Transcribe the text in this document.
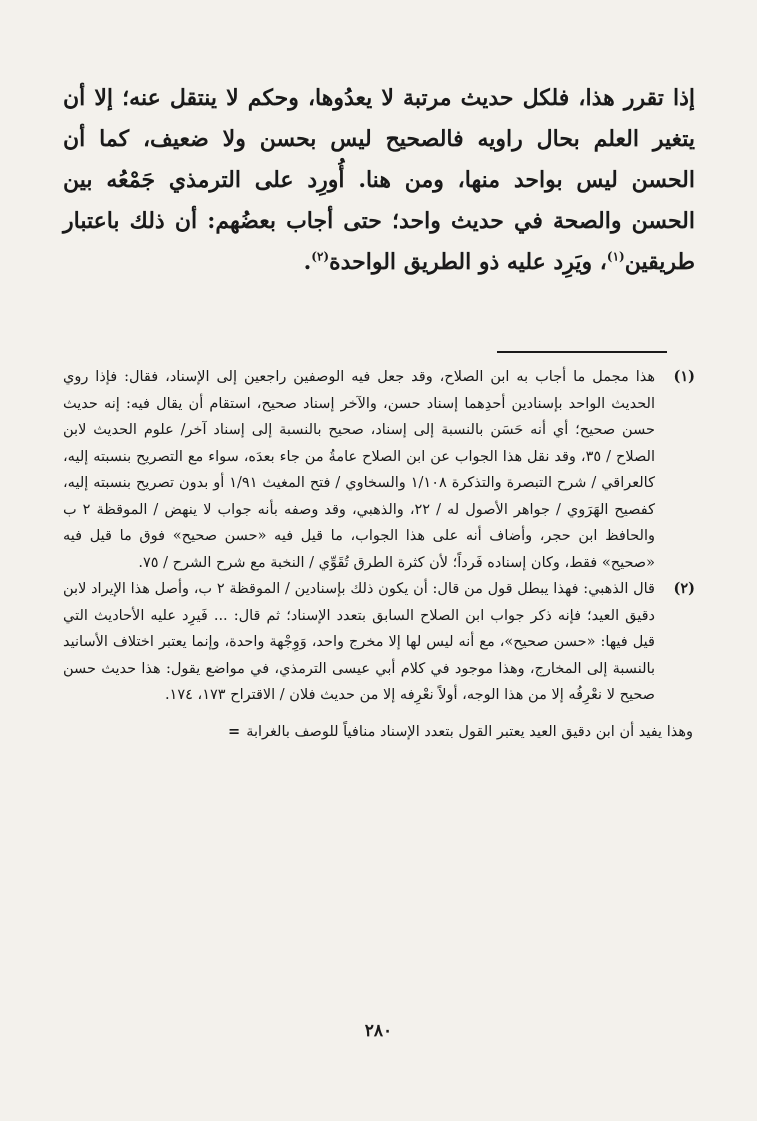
إذا تقرر هذا، فلكل حديث مرتبة لا يعدُوها، وحكم لا ينتقل عنه؛ إلا أن يتغير العلم بحال راويه فالصحيح ليس بحسن ولا ضعيف، كما أن الحسن ليس بواحد منها، ومن هنا. أُورِد على الترمذي جَمْعُه بين الحسن والصحة في حديث واحد؛ حتى أجاب بعضُهم: أن ذلك باعتبار طريقين$^{(١)}$، ويَرِد عليه ذو الطريق الواحدة$^{(٢)}$.

(١)
هذا مجمل ما أجاب به ابن الصلاح، وقد جعل فيه الوصفين راجعين إلى الإسناد، فقال: فإذا روي الحديث الواحد بإسنادين أحدِهما إسناد حسن، والآخر إسناد صحيح، استقام أن يقال فيه: إنه حديث حسن صحيح؛ أي أنه حَسَن بالنسبة إلى إسناد، صحيح بالنسبة إلى إسناد آخر/ علوم الحديث لابن الصلاح / ٣٥، وقد نقل هذا الجواب عن ابن الصلاح عامةُ من جاء بعدَه، سواء مع التصريح بنسبته إليه، كالعراقي / شرح التبصرة والتذكرة ١/١٠٨ والسخاوي / فتح المغيث ١/٩١ أو بدون تصريح بنسبته إليه، كفصيح الهَرَوي / جواهر الأصول له / ٢٢، والذهبي، وقد وصفه بأنه جواب لا ينهض / الموقظة ٢ ب والحافظ ابن حجر، وأضاف أنه على هذا الجواب، ما قيل فيه «حسن صحيح» فوق ما قيل فيه «صحيح» فقط، وكان إسناده فَرداً؛ لأن كثرة الطرق تُقَوِّي / النخبة مع شرح الشرح / ٧٥.
(٢)
قال الذهبي: فهذا يبطل قول من قال: أن يكون ذلك بإسنادين / الموقظة ٢ ب، وأصل هذا الإيراد لابن دقيق العيد؛ فإنه ذكر جواب ابن الصلاح السابق بتعدد الإسناد؛ ثم قال: ... فَيرِد عليه الأحاديث التي قيل فيها: «حسن صحيح»، مع أنه ليس لها إلا مخرج واحد، وَوِجْهة واحدة، وإنما يعتبر اختلاف الأسانيد بالنسبة إلى المخارج، وهذا موجود في كلام أبي عيسى الترمذي، في مواضع يقول: هذا حديث حسن صحيح لا نعْرِفُه إلا من هذا الوجه، أولاً نعْرِفه إلا من حديث فلان / الاقتراح ١٧٣، ١٧٤.
وهذا يفيد أن ابن دقيق العيد يعتبر القول بتعدد الإسناد منافياً للوصف بالغرابة=
٢٨٠
